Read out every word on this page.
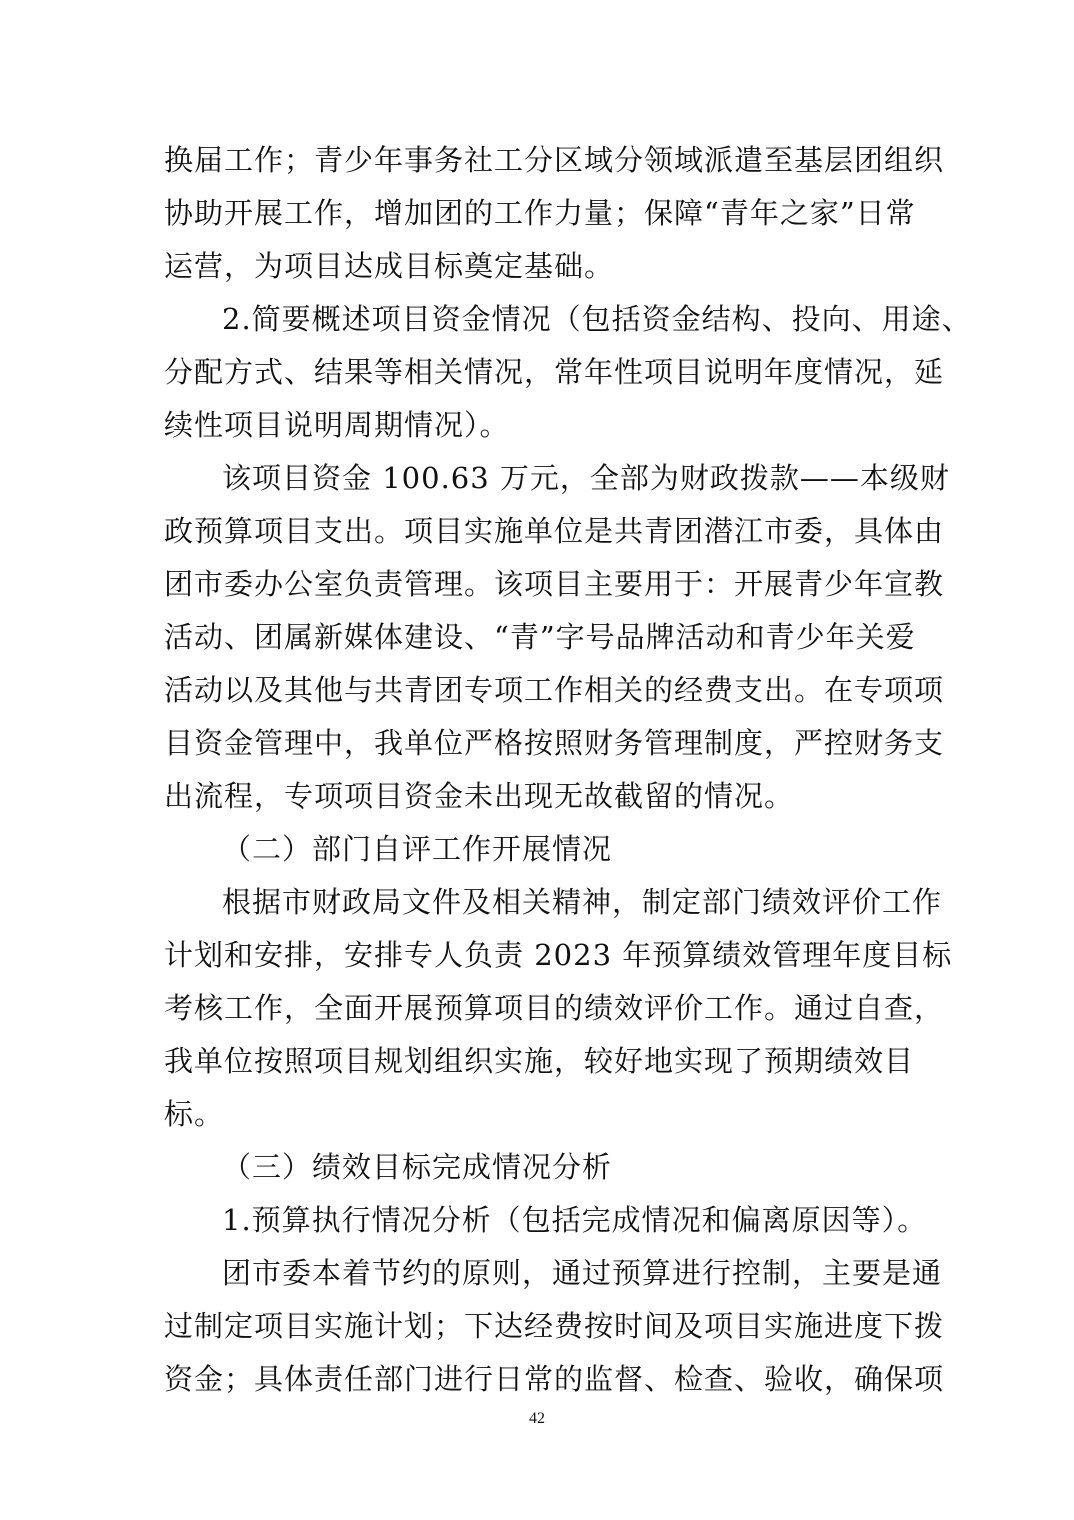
换届工作；青少年事务社工分区域分领域派遣至基层团组织
协助开展工作，增加团的工作力量；保障“青年之家”日常
运营，为项目达成目标奠定基础。
2.简要概述项目资金情况（包括资金结构、投向、用途、
分配方式、结果等相关情况，常年性项目说明年度情况，延
续性项目说明周期情况）。
该项目资金 100.63 万元，全部为财政拨款——本级财
政预算项目支出。项目实施单位是共青团潜江市委，具体由
团市委办公室负责管理。该项目主要用于：开展青少年宣教
活动、团属新媒体建设、“青”字号品牌活动和青少年关爱
活动以及其他与共青团专项工作相关的经费支出。在专项项
目资金管理中，我单位严格按照财务管理制度，严控财务支
出流程，专项项目资金未出现无故截留的情况。
（二）部门自评工作开展情况
根据市财政局文件及相关精神，制定部门绩效评价工作
计划和安排，安排专人负责 2023 年预算绩效管理年度目标
考核工作，全面开展预算项目的绩效评价工作。通过自查，
我单位按照项目规划组织实施，较好地实现了预期绩效目
标。
（三）绩效目标完成情况分析
1.预算执行情况分析（包括完成情况和偏离原因等）。
团市委本着节约的原则，通过预算进行控制，主要是通
过制定项目实施计划；下达经费按时间及项目实施进度下拨
资金；具体责任部门进行日常的监督、检查、验收，确保项
42
